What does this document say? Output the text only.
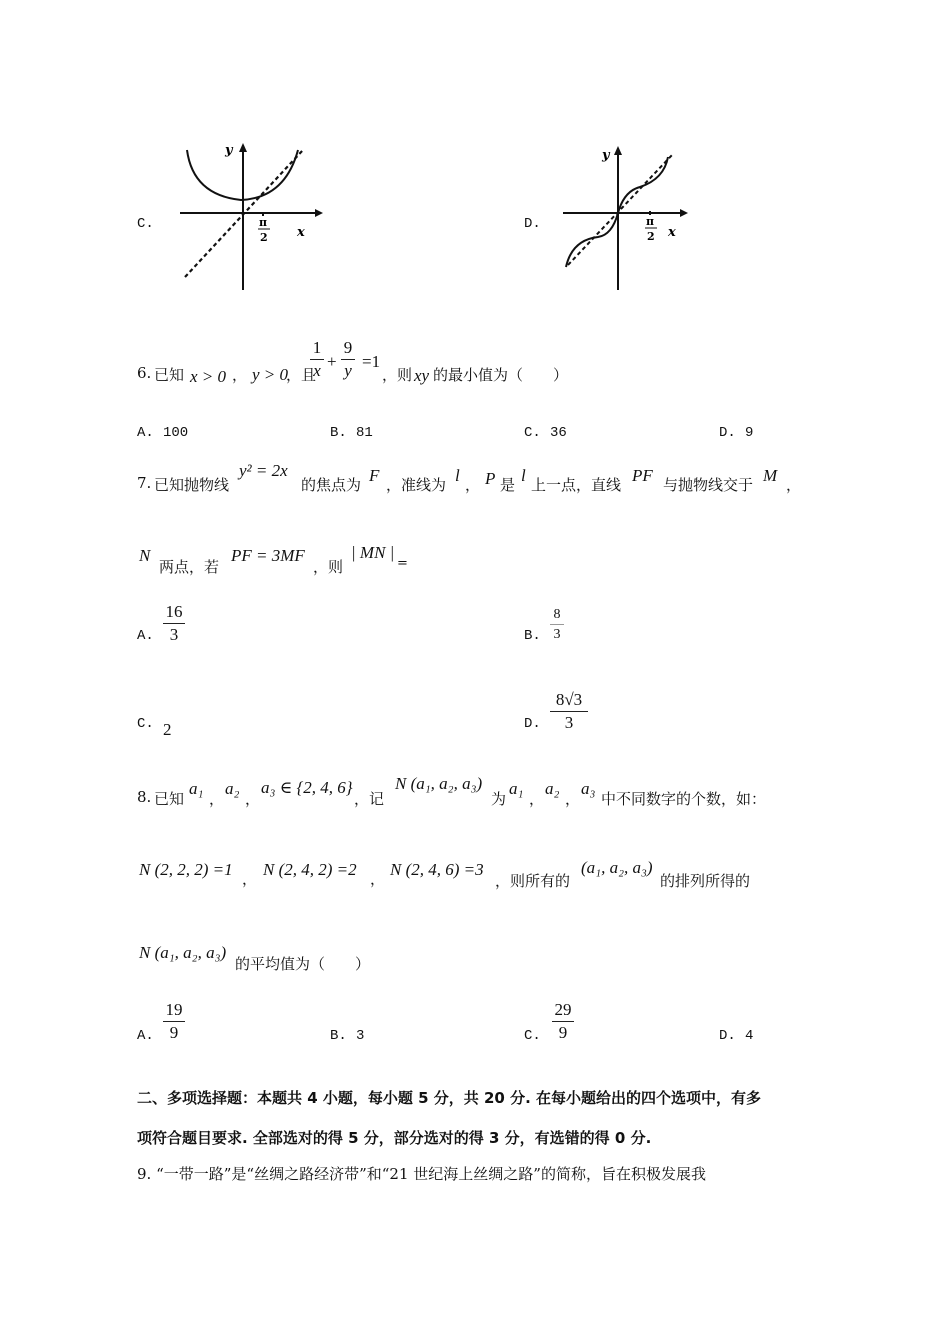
C.
y
x
π
2
D.
y
x
π
2
6. 已知 x > 0 ， y > 0
，且
1
x +
9
y =1
，则 xy 的最小值为（　　）
A. 100	B. 81	C. 36	D. 9
7. 已知抛物线
y² = 2x
的焦点为 F ，准线为 l ， P 是 l 上一点，直线 PF 与抛物线交于 M ，
N
两点，若
PF = 3MF
，则
| MN |
=
A.
16
3	B.
8
3
C. 2	D.
8√3
3
8. 已知
a₁
，
a₂
，
a₃ ∈ {2, 4, 6}
，记
N (a₁, a₂, a₃)
为
a₁
，
a₂
，
a₃
中不同数字的个数，如：
N (2, 2, 2) =1 ， N (2, 4, 2) =2 ， N (2, 4, 6) =3
，则所有的
(a₁, a₂, a₃)
的排列所得的
N (a₁, a₂, a₃)
的平均值为（　　）
A.
19
9	B. 3	C.
29
9	D. 4
二、多项选择题：本题共 4 小题，每小题 5 分，共 20 分. 在每小题给出的四个选项中，有多
项符合题目要求. 全部选对的得 5 分，部分选对的得 3 分，有选错的得 0 分.
9. “一带一路”是“丝绸之路经济带”和“21 世纪海上丝绸之路”的简称，旨在积极发展我
